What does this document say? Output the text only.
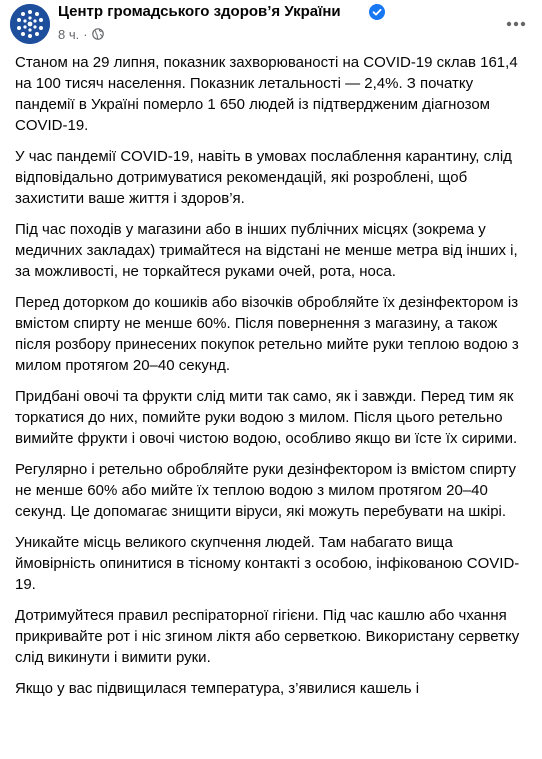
Центр громадського здоров’я України
8 ч. ·

Станом на 29 липня, показник захворюваності на COVID-19 склав 161,4 на 100 тисяч населення. Показник летальності — 2,4%. З початку пандемії в Україні померло 1 650 людей із підтвердженим діагнозом COVID-19.

У час пандемії COVID-19, навіть в умовах послаблення карантину, слід відповідально дотримуватися рекомендацій, які розроблені, щоб захистити ваше життя і здоров’я.

Під час походів у магазини або в інших публічних місцях (зокрема у медичних закладах) тримайтеся на відстані не менше метра від інших і, за можливості, не торкайтеся руками очей, рота, носа.

Перед доторком до кошиків або візочків обробляйте їх дезінфектором із вмістом спирту не менше 60%. Після повернення з магазину, а також після розбору принесених покупок ретельно мийте руки теплою водою з милом протягом 20–40 секунд.

Придбані овочі та фрукти слід мити так само, як і завжди. Перед тим як торкатися до них, помийте руки водою з милом. Після цього ретельно вимийте фрукти і овочі чистою водою, особливо якщо ви їсте їх сирими.

Регулярно і ретельно обробляйте руки дезінфектором із вмістом спирту не менше 60% або мийте їх теплою водою з милом протягом 20–40 секунд. Це допомагає знищити віруси, які можуть перебувати на шкірі.

Уникайте місць великого скупчення людей. Там набагато вища ймовірність опинитися в тісному контакті з особою, інфікованою COVID-19.

Дотримуйтеся правил респіраторної гігієни. Під час кашлю або чхання прикривайте рот і ніс згином ліктя або серветкою. Використану серветку слід викинути і вимити руки.

Якщо у вас підвищилася температура, з’явилися кашель і
